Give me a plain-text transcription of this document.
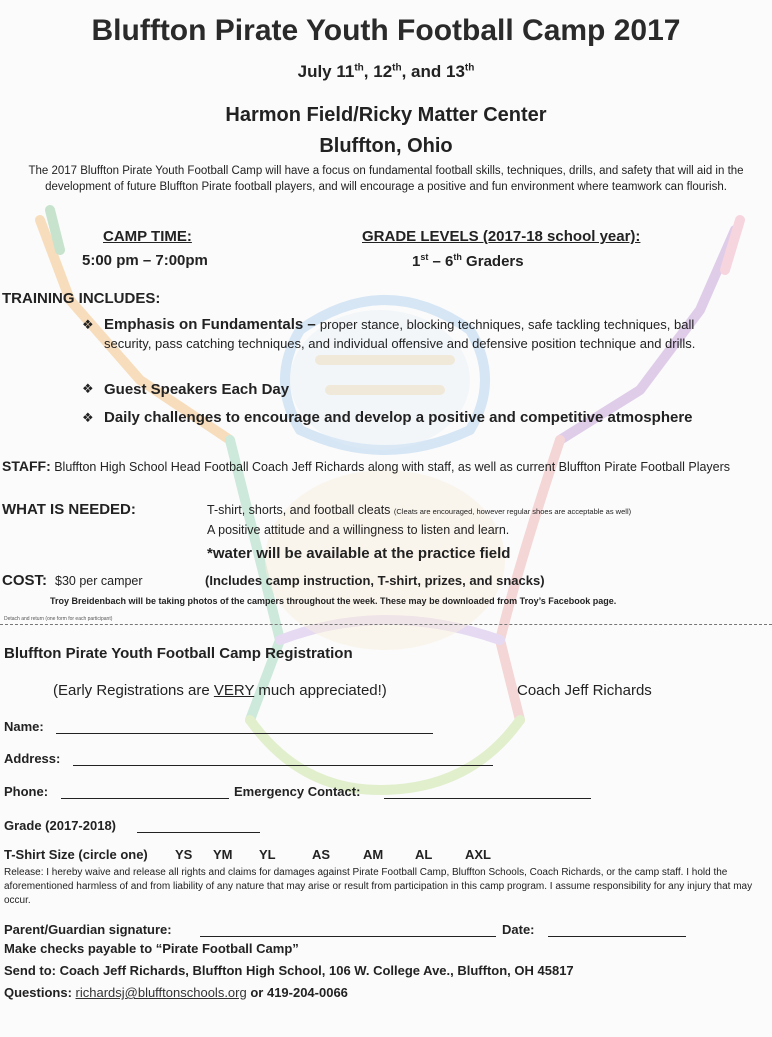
Bluffton Pirate Youth Football Camp 2017
July 11th, 12th, and 13th
Harmon Field/Ricky Matter Center
Bluffton, Ohio
The 2017 Bluffton Pirate Youth Football Camp will have a focus on fundamental football skills, techniques, drills, and safety that will aid in the development of future Bluffton Pirate football players, and will encourage a positive and fun environment where teamwork can flourish.
CAMP TIME:
5:00 pm – 7:00pm
GRADE LEVELS (2017-18 school year):
1st – 6th Graders
TRAINING INCLUDES:
❖ Emphasis on Fundamentals – proper stance, blocking techniques, safe tackling techniques, ball security, pass catching techniques, and individual offensive and defensive position technique and drills.
❖ Guest Speakers Each Day
❖ Daily challenges to encourage and develop a positive and competitive atmosphere
STAFF: Bluffton High School Head Football Coach Jeff Richards along with staff, as well as current Bluffton Pirate Football Players
WHAT IS NEEDED:	T-shirt, shorts, and football cleats (Cleats are encouraged, however regular shoes are acceptable as well)
A positive attitude and a willingness to listen and learn.
*water will be available at the practice field
COST: $30 per camper	(Includes camp instruction, T-shirt, prizes, and snacks)
Troy Breidenbach will be taking photos of the campers throughout the week. These may be downloaded from Troy’s Facebook page.
Detach and return (one form for each participant)
Bluffton Pirate Youth Football Camp Registration
(Early Registrations are VERY much appreciated!)	Coach Jeff Richards
Name:
Address:
Phone:	Emergency Contact:
Grade (2017-2018)
T-Shirt Size (circle one) YS YM YL	AS	AM AL	AXL
Release: I hereby waive and release all rights and claims for damages against Pirate Football Camp, Bluffton Schools, Coach Richards, or the camp staff. I hold the aforementioned harmless of and from liability of any nature that may arise or result from participation in this camp program. I assume responsibility for any injury that may occur.
Parent/Guardian signature:	Date:
Make checks payable to “Pirate Football Camp”
Send to: Coach Jeff Richards, Bluffton High School, 106 W. College Ave., Bluffton, OH 45817
Questions: richardsj@blufftonschools.org or 419-204-0066
